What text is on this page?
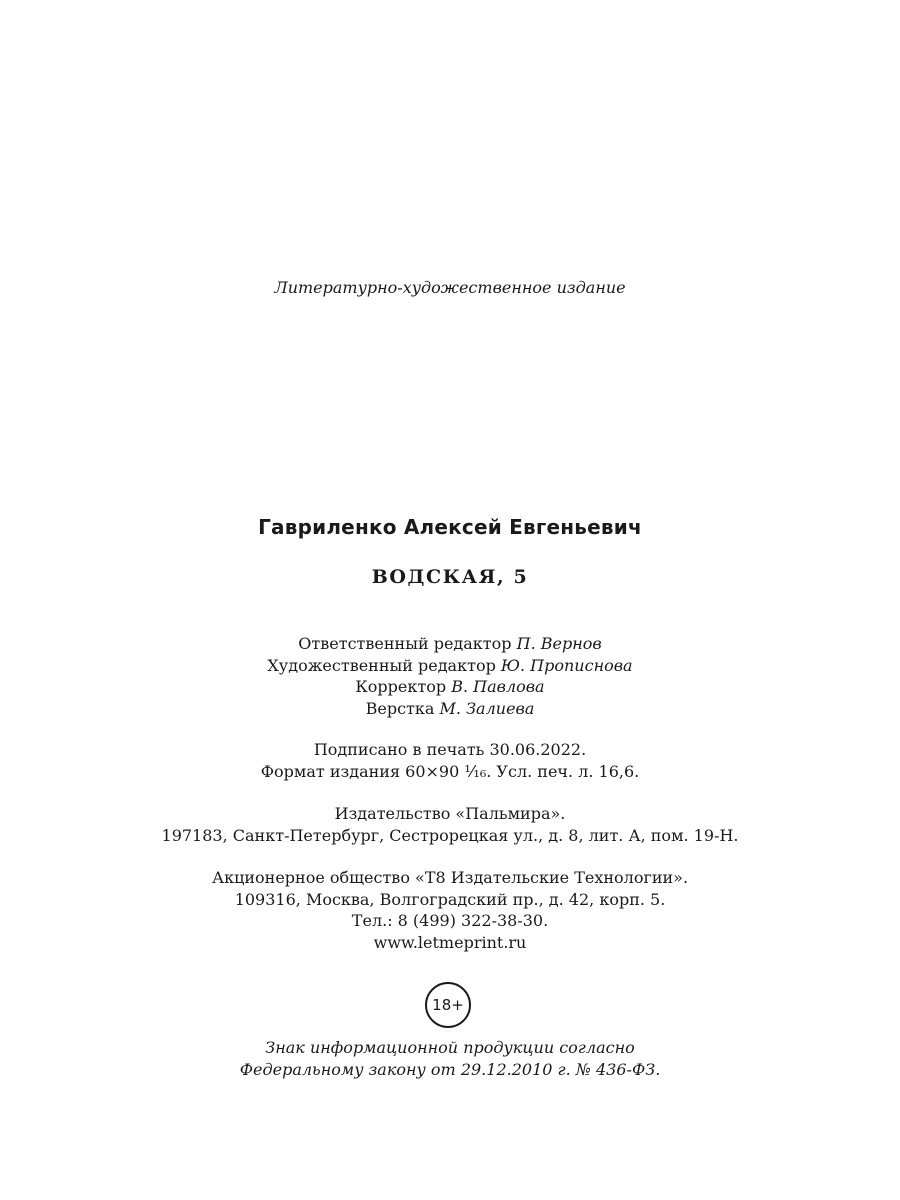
Литературно-художественное издание
Гавриленко Алексей Евгеньевич
ВОДСКАЯ, 5
Ответственный редактор П. Вернов
Художественный редактор Ю. Прописнова
Корректор В. Павлова
Верстка М. Залиева
Подписано в печать 30.06.2022.
Формат издания 60×90 ¹⁄₁₆. Усл. печ. л. 16,6.
Издательство «Пальмира».
197183, Санкт-Петербург, Сестрорецкая ул., д. 8, лит. А, пом. 19-Н.
Акционерное общество «Т8 Издательские Технологии».
109316, Москва, Волгоградский пр., д. 42, корп. 5.
Тел.: 8 (499) 322-38-30.
www.letmeprint.ru
18+
Знак информационной продукции согласно
Федеральному закону от 29.12.2010 г. № 436-ФЗ.
